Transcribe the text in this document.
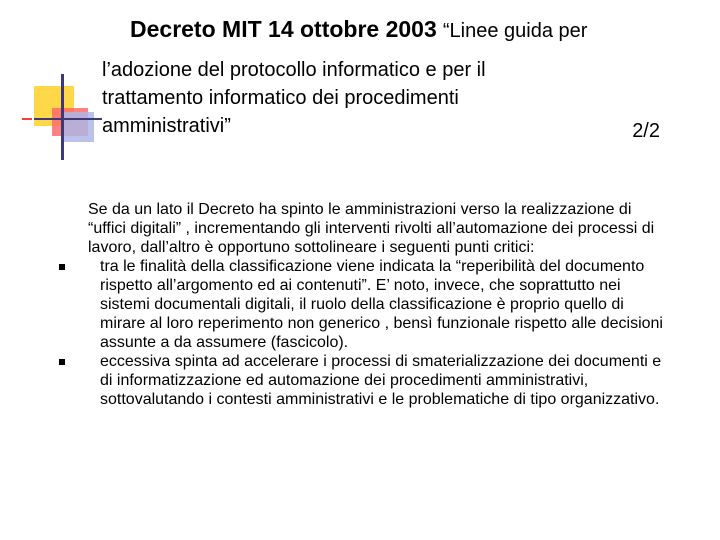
Decreto MIT 14 ottobre 2003 “Linee guida per
l’adozione del protocollo informatico e per il
trattamento informatico dei procedimenti
amministrativi”	2/2
Se da un lato il Decreto ha spinto le amministrazioni verso la realizzazione di “uffici digitali” , incrementando gli interventi rivolti all’automazione dei processi di lavoro, dall’altro è opportuno sottolineare i seguenti punti critici:
tra le finalità della classificazione viene indicata la “reperibilità del documento rispetto all’argomento ed ai contenuti”. E’ noto, invece, che soprattutto nei sistemi documentali digitali, il ruolo della classificazione è proprio quello di mirare al loro reperimento non generico , bensì funzionale rispetto alle decisioni assunte a da assumere (fascicolo).
eccessiva spinta ad accelerare i processi di smaterializzazione dei documenti e di informatizzazione ed automazione dei procedimenti amministrativi, sottovalutando i contesti amministrativi e le problematiche di tipo organizzativo.
